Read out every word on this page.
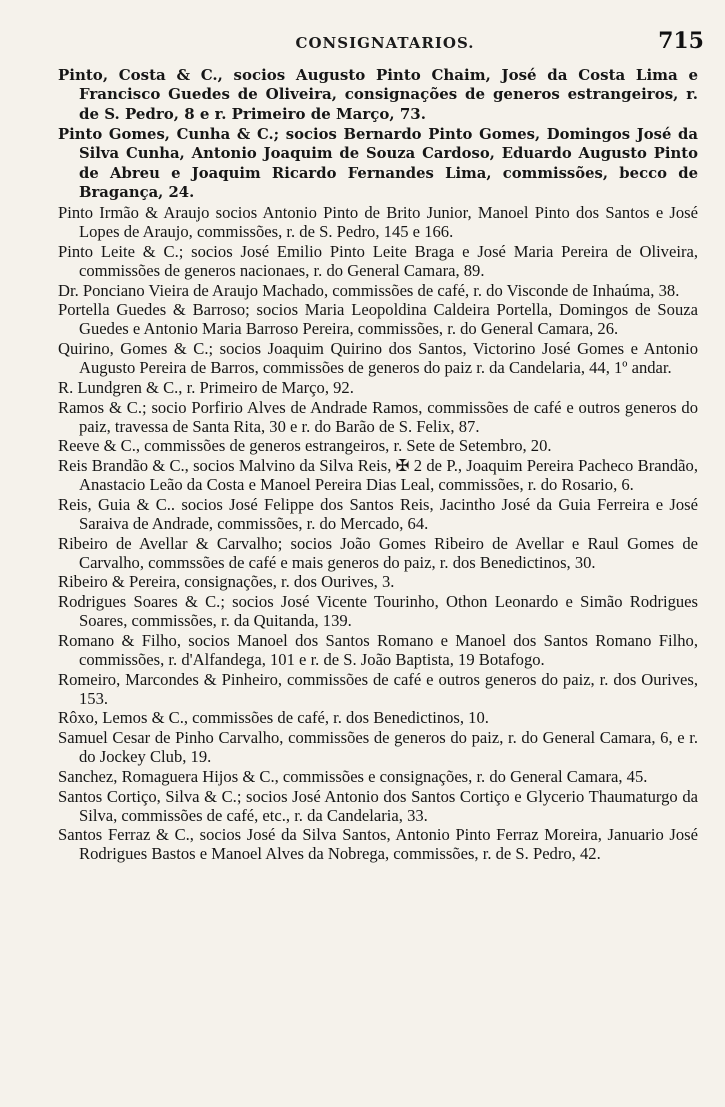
CONSIGNATARIOS.	715

Pinto, Costa & C., socios Augusto Pinto Chaim, José da Costa Lima e Francisco Guedes de Oliveira, consignações de generos estrangeiros, r. de S. Pedro, 8 e r. Primeiro de Março, 73.

Pinto Gomes, Cunha & C.; socios Bernardo Pinto Gomes, Domingos José da Silva Cunha, Antonio Joaquim de Souza Cardoso, Eduardo Augusto Pinto de Abreu e Joaquim Ricardo Fernandes Lima, commissões, becco de Bragança, 24.

Pinto Irmão & Araujo socios Antonio Pinto de Brito Junior, Manoel Pinto dos Santos e José Lopes de Araujo, commissões, r. de S. Pedro, 145 e 166.

Pinto Leite & C.; socios José Emilio Pinto Leite Braga e José Maria Pereira de Oliveira, commissões de generos nacionaes, r. do General Camara, 89.

Dr. Ponciano Vieira de Araujo Machado, commissões de café, r. do Visconde de Inhaúma, 38.

Portella Guedes & Barroso; socios Maria Leopoldina Caldeira Portella, Domingos de Souza Guedes e Antonio Maria Barroso Pereira, commissões, r. do General Camara, 26.

Quirino, Gomes & C.; socios Joaquim Quirino dos Santos, Victorino José Gomes e Antonio Augusto Pereira de Barros, commissões de generos do paiz r. da Candelaria, 44, 1º andar.

R. Lundgren & C., r. Primeiro de Março, 92.

Ramos & C.; socio Porfirio Alves de Andrade Ramos, commissões de café e outros generos do paiz, travessa de Santa Rita, 30 e r. do Barão de S. Felix, 87.

Reeve & C., commissões de generos estrangeiros, r. Sete de Setembro, 20.

Reis Brandão & C., socios Malvino da Silva Reis, ✠ 2 de P., Joaquim Pereira Pacheco Brandão, Anastacio Leão da Costa e Manoel Pereira Dias Leal, commissões, r. do Rosario, 6.

Reis, Guia & C.. socios José Felippe dos Santos Reis, Jacintho José da Guia Ferreira e José Saraiva de Andrade, commissões, r. do Mercado, 64.

Ribeiro de Avellar & Carvalho; socios João Gomes Ribeiro de Avellar e Raul Gomes de Carvalho, commssões de café e mais generos do paiz, r. dos Benedictinos, 30.

Ribeiro & Pereira, consignações, r. dos Ourives, 3.

Rodrigues Soares & C.; socios José Vicente Tourinho, Othon Leonardo e Simão Rodrigues Soares, commissões, r. da Quitanda, 139.

Romano & Filho, socios Manoel dos Santos Romano e Manoel dos Santos Romano Filho, commissões, r. d'Alfandega, 101 e r. de S. João Baptista, 19 Botafogo.

Romeiro, Marcondes & Pinheiro, commissões de café e outros generos do paiz, r. dos Ourives, 153.

Rôxo, Lemos & C., commissões de café, r. dos Benedictinos, 10.

Samuel Cesar de Pinho Carvalho, commissões de generos do paiz, r. do General Camara, 6, e r. do Jockey Club, 19.

Sanchez, Romaguera Hijos & C., commissões e consignações, r. do General Camara, 45.

Santos Cortiço, Silva & C.; socios José Antonio dos Santos Cortiço e Glycerio Thaumaturgo da Silva, commissões de café, etc., r. da Candelaria, 33.

Santos Ferraz & C., socios José da Silva Santos, Antonio Pinto Ferraz Moreira, Januario José Rodrigues Bastos e Manoel Alves da Nobrega, commissões, r. de S. Pedro, 42.
